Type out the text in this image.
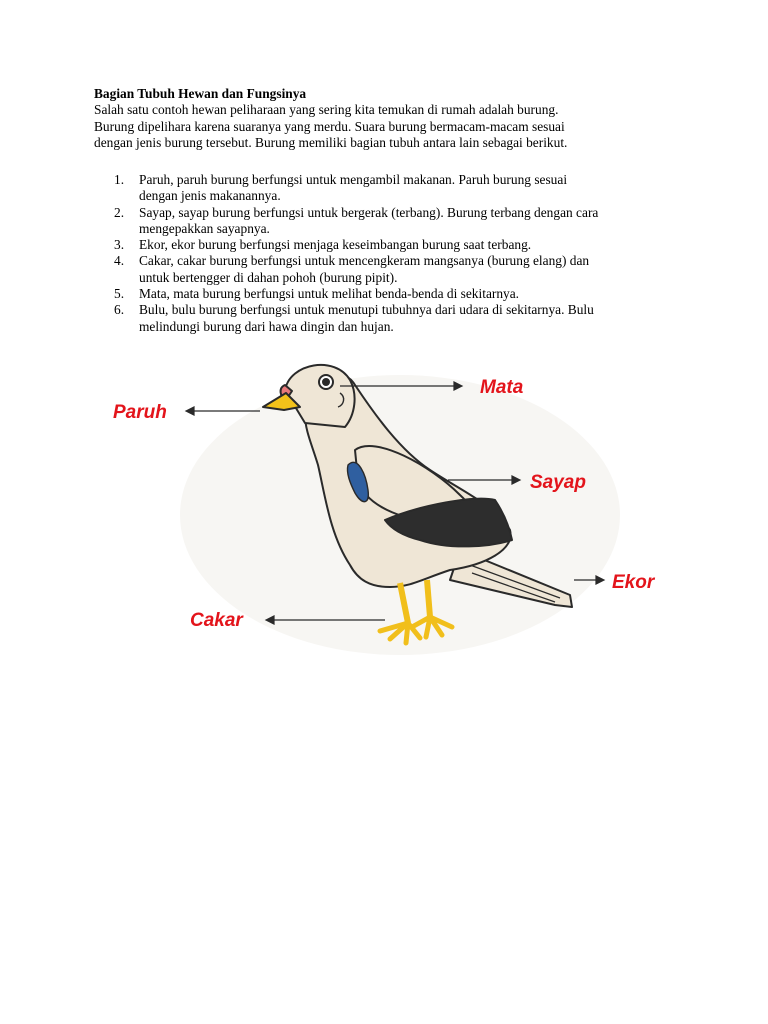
Bagian Tubuh Hewan dan Fungsinya

Salah satu contoh hewan peliharaan yang sering kita temukan di rumah adalah burung.
Burung dipelihara karena suaranya yang merdu. Suara burung bermacam-macam sesuai
dengan jenis burung tersebut. Burung memiliki bagian tubuh antara lain sebagai berikut.

1. Paruh, paruh burung berfungsi untuk mengambil makanan. Paruh burung sesuai
dengan jenis makanannya.
2. Sayap, sayap burung berfungsi untuk bergerak (terbang). Burung terbang dengan cara
mengepakkan sayapnya.
3. Ekor, ekor burung berfungsi menjaga keseimbangan burung saat terbang.
4. Cakar, cakar burung berfungsi untuk mencengkeram mangsanya (burung elang) dan
untuk bertengger di dahan pohoh (burung pipit).
5. Mata, mata burung berfungsi untuk melihat benda-benda di sekitarnya.
6. Bulu, bulu burung berfungsi untuk menutupi tubuhnya dari udara di sekitarnya. Bulu
melindungi burung dari hawa dingin dan hujan.
Mata
Paruh
Sayap
Ekor
Cakar
